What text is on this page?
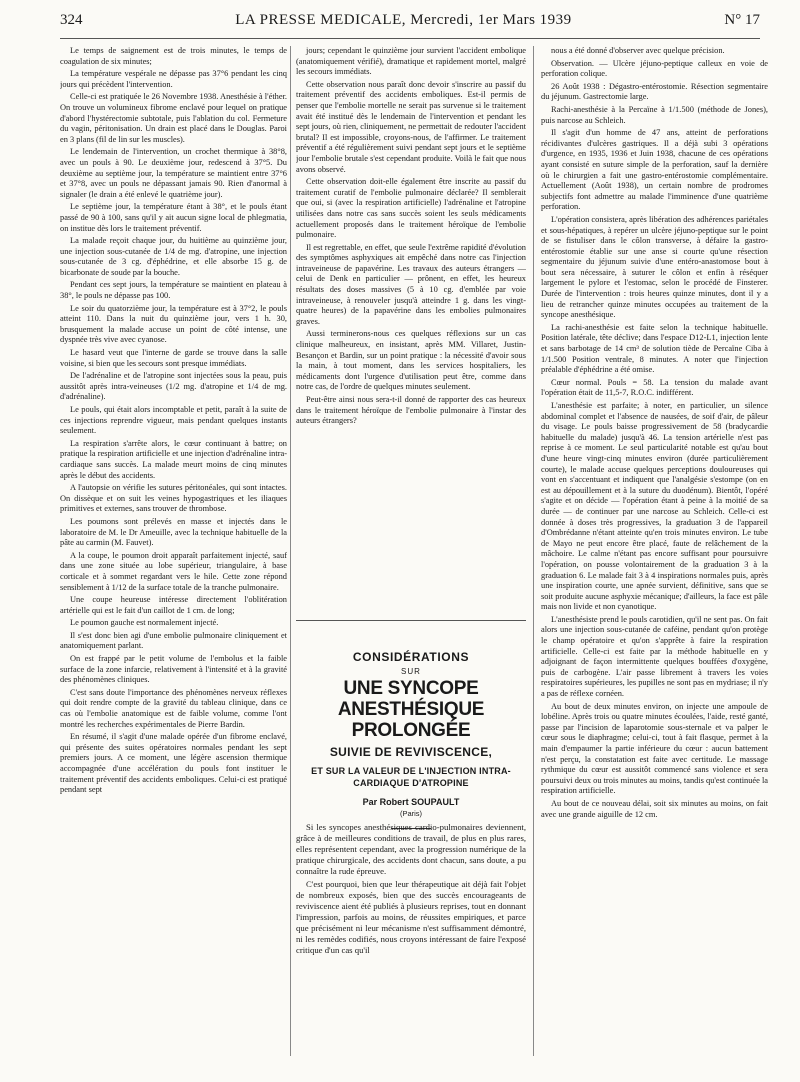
324	LA PRESSE MEDICALE, Mercredi, 1er Mars 1939	N° 17

Le temps de saignement est de trois minutes, le temps de coagulation de six minutes;

La température vespérale ne dépasse pas 37°6 pendant les cinq jours qui précèdent l'intervention.

Celle-ci est pratiquée le 26 Novembre 1938. Anesthésie à l'éther. On trouve un volumineux fibrome enclavé pour lequel on pratique d'abord l'hystérectomie subtotale, puis l'ablation du col. Fermeture du vagin, péritonisation. Un drain est placé dans le Douglas. Paroi en 3 plans (fil de lin sur les muscles).

Le lendemain de l'intervention, un crochet thermique à 38°8, avec un pouls à 90. Le deuxième jour, redescend à 37°5. Du deuxième au septième jour, la température se maintient entre 37°6 et 37°8, avec un pouls ne dépassant jamais 90. Rien d'anormal à signaler (le drain a été enlevé le quatrième jour).

Le septième jour, la température étant à 38°, et le pouls étant passé de 90 à 100, sans qu'il y ait aucun signe local de phlegmatia, on institue dès lors le traitement préventif.

La malade reçoit chaque jour, du huitième au quinzième jour, une injection sous-cutanée de 1/4 de mg. d'atropine, une injection sous-cutanée de 3 cg. d'éphédrine, et elle absorbe 15 g. de bicarbonate de soude par la bouche.

Pendant ces sept jours, la température se maintient en plateau à 38°, le pouls ne dépasse pas 100.

Le soir du quatorzième jour, la température est à 37°2, le pouls atteint 110. Dans la nuit du quinzième jour, vers 1 h. 30, brusquement la malade accuse un point de côté intense, une dyspnée très vive avec cyanose.

Le hasard veut que l'interne de garde se trouve dans la salle voisine, si bien que les secours sont presque immédiats.

De l'adrénaline et de l'atropine sont injectées sous la peau, puis aussitôt après intra-veineuses (1/2 mg. d'atropine et 1/4 de mg. d'adrénaline).

Le pouls, qui était alors incomptable et petit, paraît à la suite de ces injections reprendre vigueur, mais pendant quelques instants seulement.

La respiration s'arrête alors, le cœur continuant à battre; on pratique la respiration artificielle et une injection d'adrénaline intra-cardiaque sans succès. La malade meurt moins de cinq minutes après le début des accidents.

A l'autopsie on vérifie les sutures péritonéales, qui sont intactes. On dissèque et on suit les veines hypogastriques et les iliaques primitives et externes, sans trouver de thrombose.

Les poumons sont prélevés en masse et injectés dans le laboratoire de M. le Dr Ameuille, avec la technique habituelle de la pâte au carmin (M. Fauvet).

A la coupe, le poumon droit apparaît parfaitement injecté, sauf dans une zone située au lobe supérieur, triangulaire, à base corticale et à sommet regardant vers le hile. Cette zone répond sensiblement à 1/12 de la surface totale de la tranche pulmonaire.

Une coupe heureuse intéresse directement l'oblitération artérielle qui est le fait d'un caillot de 1 cm. de long;

Le poumon gauche est normalement injecté.

Il s'est donc bien agi d'une embolie pulmonaire cliniquement et anatomiquement parlant.

On est frappé par le petit volume de l'embolus et la faible surface de la zone infarcie, relativement à l'intensité et à la gravité des phénomènes cliniques.

C'est sans doute l'importance des phénomènes nerveux réflexes qui doit rendre compte de la gravité du tableau clinique, dans ce cas où l'embolie anatomique est de faible volume, comme l'ont montré les recherches expérimentales de Pierre Bardin.

En résumé, il s'agit d'une malade opérée d'un fibrome enclavé, qui présente des suites opératoires normales pendant les sept premiers jours. A ce moment, une légère ascension thermique accompagnée d'une accélération du pouls font instituer le traitement préventif des accidents emboliques. Celui-ci est pratiqué pendant sept

jours; cependant le quinzième jour survient l'accident embolique (anatomiquement vérifié), dramatique et rapidement mortel, malgré les secours immédiats.

Cette observation nous paraît donc devoir s'inscrire au passif du traitement préventif des accidents emboliques. Est-il permis de penser que l'embolie mortelle ne serait pas survenue si le traitement avait été institué dès le lendemain de l'intervention et pendant les sept jours, où rien, cliniquement, ne permettait de redouter l'accident brutal? Il est impossible, croyons-nous, de l'affirmer. Le traitement préventif a été régulièrement suivi pendant sept jours et le septième jour l'embolie brutale s'est cependant produite. Voilà le fait que nous avons observé.

Cette observation doit-elle également être inscrite au passif du traitement curatif de l'embolie pulmonaire déclarée? Il semblerait que oui, si (avec la respiration artificielle) l'adrénaline et l'atropine utilisées dans notre cas sans succès soient les seuls médicaments actuellement proposés dans le traitement héroïque de l'embolie pulmonaire.

Il est regrettable, en effet, que seule l'extrême rapidité d'évolution des symptômes asphyxiques ait empêché dans notre cas l'injection intraveineuse de papavérine. Les travaux des auteurs étrangers — celui de Denk en particulier — prônent, en effet, les heureux résultats des doses massives (5 à 10 cg. d'emblée par voie intraveineuse, à renouveler jusqu'à atteindre 1 g. dans les vingt-quatre heures) de la papavérine dans les embolies pulmonaires graves.

Aussi terminerons-nous ces quelques réflexions sur un cas clinique malheureux, en insistant, après MM. Villaret, Justin-Besançon et Bardin, sur un point pratique : la nécessité d'avoir sous la main, à tout moment, dans les services hospitaliers, les médicaments dont l'urgence d'utilisation peut être, comme dans notre cas, de l'ordre de quelques minutes seulement.

Peut-être ainsi nous sera-t-il donné de rapporter des cas heureux dans le traitement héroïque de l'embolie pulmonaire à l'instar des auteurs étrangers?

CONSIDÉRATIONS
SUR
UNE SYNCOPE ANESTHÉSIQUE PROLONGÉE
SUIVIE DE REVIVISCENCE,
ET SUR LA VALEUR DE L'INJECTION INTRA-CARDIAQUE D'ATROPINE
Par Robert SOUPAULT
(Paris)

Si les syncopes anesthésiques cardio-pulmonaires deviennent, grâce à de meilleures conditions de travail, de plus en plus rares, elles représentent cependant, avec la progression numérique de la pratique chirurgicale, des accidents dont chacun, sans doute, a pu connaître la rude épreuve.

C'est pourquoi, bien que leur thérapeutique ait déjà fait l'objet de nombreux exposés, bien que des succès encourageants de reviviscence aient été publiés à plusieurs reprises, tout en donnant l'impression, parfois au moins, de réussites empiriques, et parce que précisément ni leur mécanisme n'est suffisamment démontré, ni les remèdes codifiés, nous croyons intéressant de faire l'exposé critique d'un cas qu'il

nous a été donné d'observer avec quelque précision.

Observation. — Ulcère jéjuno-peptique calleux en voie de perforation colique.

26 Août 1938 : Dégastro-entérostomie. Résection segmentaire du jéjunum. Gastrectomie large.

Rachi-anesthésie à la Percaïne à 1/1.500 (méthode de Jones), puis narcose au Schleich.

Il s'agit d'un homme de 47 ans, atteint de perforations récidivantes d'ulcères gastriques. Il a déjà subi 3 opérations d'urgence, en 1935, 1936 et Juin 1938, chacune de ces opérations ayant consisté en suture simple de la perforation, sauf la dernière où le chirurgien a fait une gastro-entérostomie complémentaire. Actuellement (Août 1938), un certain nombre de prodromes subjectifs font admettre au malade l'imminence d'une quatrième perforation.

L'opération consistera, après libération des adhérences pariétales et sous-hépatiques, à repérer un ulcère jéjuno-peptique sur le point de se fistuliser dans le côlon transverse, à défaire la gastro-entérostomie établie sur une anse si courte qu'une résection segmentaire du jéjunum suivie d'une entéro-anastomose bout à bout sera nécessaire, à suturer le côlon et enfin à réséquer largement le pylore et l'estomac, selon le procédé de Finsterer. Durée de l'intervention : trois heures quinze minutes, dont il y a lieu de retrancher quinze minutes occupées au traitement de la syncope anesthésique.

La rachi-anesthésie est faite selon la technique habituelle. Position latérale, tête déclive; dans l'espace D12-L1, injection lente et sans barbotage de 14 cm³ de solution tiède de Percaïne Ciba à 1/1.500 Position ventrale, 8 minutes. A noter que l'injection préalable d'éphédrine a été omise.

Cœur normal. Pouls = 58. La tension du malade avant l'opération était de 11,5-7, R.O.C. indifférent.

L'anesthésie est parfaite; à noter, en particulier, un silence abdominal complet et l'absence de nausées, de soif d'air, de pâleur du visage. Le pouls baisse progressivement de 58 (bradycardie habituelle du malade) jusqu'à 46. La tension artérielle n'est pas reprise à ce moment. Le seul particularité notable est qu'au bout d'une heure vingt-cinq minutes environ (durée particulièrement courte), le malade accuse quelques perceptions douloureuses qui vont en s'accentuant et indiquent que l'analgésie s'estompe (on en est au dépouillement et à la suture du duodénum). Bientôt, l'opéré s'agite et on décide — l'opération étant à peine à la moitié de sa durée — de continuer par une narcose au Schleich. Celle-ci est donnée à doses très progressives, la graduation 3 de l'appareil d'Ombrédanne n'étant atteinte qu'en trois minutes environ. Le tube de Mayo ne peut encore être placé, faute de relâchement de la mâchoire. Le calme n'étant pas encore suffisant pour poursuivre l'opération, on pousse volontairement de la graduation 3 à la graduation 6. Le malade fait 3 à 4 inspirations normales puis, après une inspiration courte, une apnée survient, définitive, sans que se soit produite aucune asphyxie mécanique; d'ailleurs, la face est pâle mais non livide et non cyanotique.

L'anesthésiste prend le pouls carotidien, qu'il ne sent pas. On fait alors une injection sous-cutanée de caféine, pendant qu'on protège le champ opératoire et qu'on s'apprête à faire la respiration artificielle. Celle-ci est faite par la méthode habituelle en y adjoignant de façon intermittente quelques bouffées d'oxygène, puis de carbogène. L'air passe librement à travers les voies respiratoires supérieures, les pupilles ne sont pas en mydriase; il n'y a pas de réflexe cornéen.

Au bout de deux minutes environ, on injecte une ampoule de lobéline. Après trois ou quatre minutes écoulées, l'aide, resté ganté, passe par l'incision de laparotomie sous-sternale et va palper le cœur sous le diaphragme; celui-ci, tout à fait flasque, permet à la main d'empaumer la partie inférieure du cœur : aucun battement n'est perçu, la constatation est faite avec certitude. Le massage rythmique du cœur est aussitôt commencé sans violence et sera poursuivi deux ou trois minutes au moins, tandis qu'est continuée la respiration artificielle.

Au bout de ce nouveau délai, soit six minutes au moins, on fait avec une grande aiguille de 12 cm.
